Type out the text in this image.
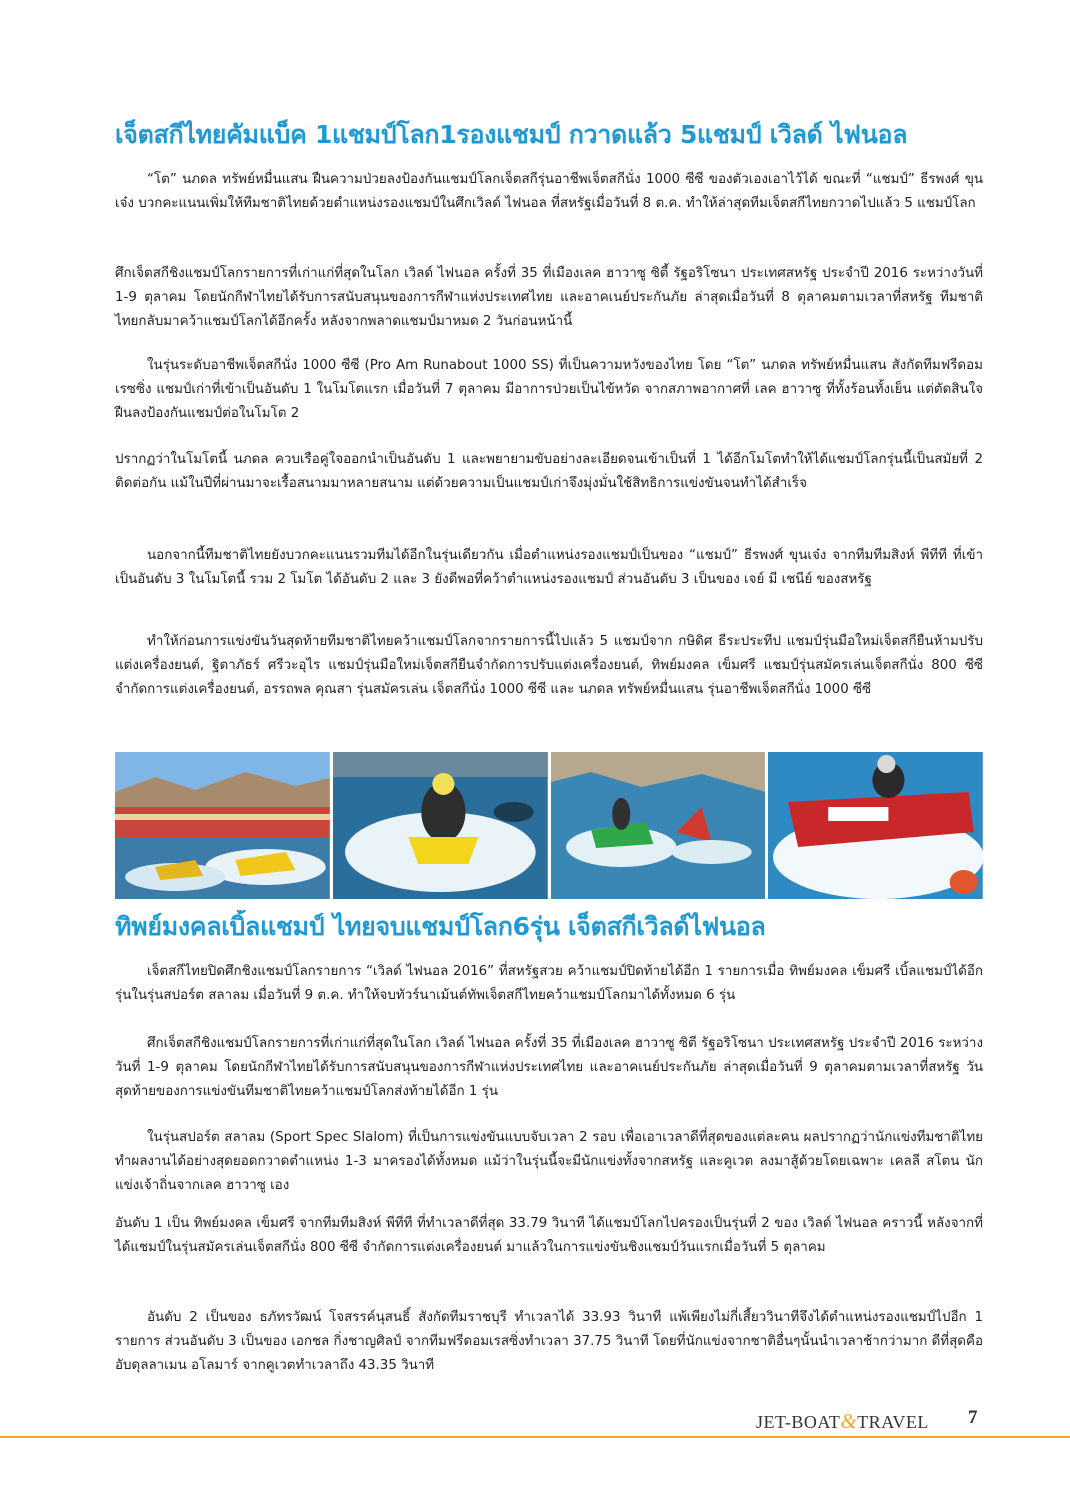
เจ็ตสกีไทยคัมแบ็ค 1แชมป์โลก1รองแชมป์ กวาดแล้ว 5แชมป์ เวิลด์ ไฟนอล

“โต” นภดล ทรัพย์หมื่นแสน ฝืนความป่วยลงป้องกันแชมป์โลกเจ็ตสกีรุ่นอาชีพเจ็ตสกีนั่ง 1000 ซีซี ของตัวเองเอาไว้ได้ ขณะที่ “แชมป์” ธีรพงศ์ ขุนเจ๋ง บวกคะแนนเพิ่มให้ทีมชาติไทยด้วยตำแหน่งรองแชมป์ในศึกเวิลด์ ไฟนอล ที่สหรัฐเมื่อวันที่ 8 ต.ค. ทำให้ล่าสุดทีมเจ็ตสกีไทยกวาดไปแล้ว 5 แชมป์โลก

ศึกเจ็ตสกีชิงแชมป์โลกรายการที่เก่าแก่ที่สุดในโลก เวิลด์ ไฟนอล ครั้งที่ 35 ที่เมืองเลค ฮาวาซู ซิตี้ รัฐอริโซนา ประเทศสหรัฐ ประจำปี 2016 ระหว่างวันที่ 1-9 ตุลาคม โดยนักกีฬาไทยได้รับการสนับสนุนของการกีฬาแห่งประเทศไทย และอาคเนย์ประกันภัย ล่าสุดเมื่อวันที่ 8 ตุลาคมตามเวลาที่สหรัฐ ทีมชาติไทยกลับมาคว้าแชมป์โลกได้อีกครั้ง หลังจากพลาดแชมป์มาหมด 2 วันก่อนหน้านี้

ในรุ่นระดับอาชีพเจ็ตสกีนั่ง 1000 ซีซี (Pro Am Runabout 1000 SS) ที่เป็นความหวังของไทย โดย “โต” นภดล ทรัพย์หมื่นแสน สังกัดทีมฟรีดอม เรซซิ่ง แชมป์เก่าที่เข้าเป็นอันดับ 1 ในโมโตแรก เมื่อวันที่ 7 ตุลาคม มีอาการป่วยเป็นไข้หวัด จากสภาพอากาศที่ เลค ฮาวาซู ที่ทั้งร้อนทั้งเย็น แต่ตัดสินใจฝืนลงป้องกันแชมป์ต่อในโมโต 2

ปรากฏว่าในโมโตนี้ นภดล ควบเรือคู่ใจออกนำเป็นอันดับ 1 และพยายามขับอย่างละเอียดจนเข้าเป็นที่ 1 ได้อีกโมโตทำให้ได้แชมป์โลกรุ่นนี้เป็นสมัยที่ 2 ติดต่อกัน แม้ในปีที่ผ่านมาจะเรื้อสนามมาหลายสนาม แต่ด้วยความเป็นแชมป์เก่าจึงมุ่งมั่นใช้สิทธิการแข่งขันจนทำได้สำเร็จ

นอกจากนี้ทีมชาติไทยยังบวกคะแนนรวมทีมได้อีกในรุ่นเดียวกัน เมื่อตำแหน่งรองแชมป์เป็นของ “แชมป์” ธีรพงศ์ ขุนเจ๋ง จากทีมทีมสิงห์ พีทีที ที่เข้าเป็นอันดับ 3 ในโมโตนี้ รวม 2 โมโต ได้อันดับ 2 และ 3 ยังดีพอที่คว้าตำแหน่งรองแชมป์ ส่วนอันดับ 3 เป็นของ เจย์ มี เชนีย์ ของสหรัฐ

ทำให้ก่อนการแข่งขันวันสุดท้ายทีมชาติไทยคว้าแชมป์โลกจากรายการนี้ไปแล้ว 5 แชมป์จาก กษิดิศ ธีระประทีป แชมป์รุ่นมือใหม่เจ็ตสกียืนห้ามปรับแต่งเครื่องยนต์, ฐิตาภัธร์ ศรีวะอุไร แชมป์รุ่นมือใหม่เจ็ตสกียืนจำกัดการปรับแต่งเครื่องยนต์, ทิพย์มงคล เข็มศรี แชมป์รุ่นสมัครเล่นเจ็ตสกีนั่ง 800 ซีซี จำกัดการแต่งเครื่องยนต์, อรรถพล คุณสา รุ่นสมัครเล่น เจ็ตสกีนั่ง 1000 ซีซี และ นภดล ทรัพย์หมื่นแสน รุ่นอาชีพเจ็ตสกีนั่ง 1000 ซีซี

ทิพย์มงคลเบิ้ลแชมป์ ไทยจบแชมป์โลก6รุ่น เจ็ตสกีเวิลด์ไฟนอล

เจ็ตสกีไทยปิดศึกชิงแชมป์โลกรายการ “เวิลด์ ไฟนอล 2016” ที่สหรัฐสวย คว้าแชมป์ปิดท้ายได้อีก 1 รายการเมื่อ ทิพย์มงคล เข็มศรี เบิ้ลแชมป์ได้อีกรุ่นในรุ่นสปอร์ต สลาลม เมื่อวันที่ 9 ต.ค. ทำให้จบทัวร์นาเม้นต์ทัพเจ็ตสกีไทยคว้าแชมป์โลกมาได้ทั้งหมด 6 รุ่น

ศึกเจ็ตสกีชิงแชมป์โลกรายการที่เก่าแก่ที่สุดในโลก เวิลด์ ไฟนอล ครั้งที่ 35 ที่เมืองเลค ฮาวาซู ซิตี รัฐอริโซนา ประเทศสหรัฐ ประจำปี 2016 ระหว่างวันที่ 1-9 ตุลาคม โดยนักกีฬาไทยได้รับการสนับสนุนของการกีฬาแห่งประเทศไทย และอาคเนย์ประกันภัย ล่าสุดเมื่อวันที่ 9 ตุลาคมตามเวลาที่สหรัฐ วันสุดท้ายของการแข่งขันทีมชาติไทยคว้าแชมป์โลกส่งท้ายได้อีก 1 รุ่น

ในรุ่นสปอร์ต สลาลม (Sport Spec Slalom) ที่เป็นการแข่งขันแบบจับเวลา 2 รอบ เพื่อเอาเวลาดีที่สุดของแต่ละคน ผลปรากฏว่านักแข่งทีมชาติไทยทำผลงานได้อย่างสุดยอดกวาดตำแหน่ง 1-3 มาครองได้ทั้งหมด แม้ว่าในรุ่นนี้จะมีนักแข่งทั้งจากสหรัฐ และคูเวต ลงมาสู้ด้วยโดยเฉพาะ เคลลี สโตน นักแข่งเจ้าถิ่นจากเลค ฮาวาซู เอง

อันดับ 1 เป็น ทิพย์มงคล เข็มศรี จากทีมทีมสิงห์ พีทีที ที่ทำเวลาดีที่สุด 33.79 วินาที ได้แชมป์โลกไปครองเป็นรุ่นที่ 2 ของ เวิลด์ ไฟนอล คราวนี้ หลังจากที่ได้แชมป์ในรุ่นสมัครเล่นเจ็ตสกีนั่ง 800 ซีซี จำกัดการแต่งเครื่องยนต์ มาแล้วในการแข่งขันชิงแชมป์วันแรกเมื่อวันที่ 5 ตุลาคม

อันดับ 2 เป็นของ ธภัทรวัฒน์ โจสรรค์นุสนธิ์ สังกัดทีมราชบุรี ทำเวลาได้ 33.93 วินาที แพ้เพียงไม่กี่เสี้ยววินาทีจึงได้ตำแหน่งรองแชมป์ไปอีก 1 รายการ ส่วนอันดับ 3 เป็นของ เอกชล กิ่งชาญศิลป์ จากทีมฟรีดอมเรสซิ่งทำเวลา 37.75 วินาที โดยที่นักแข่งจากชาติอื่นๆนั้นนำเวลาช้ากว่ามาก ดีที่สุดคือ อับดุลลาเมน อโลมาร์ จากคูเวตทำเวลาถึง 43.35 วินาที

JET-BOAT&TRAVEL 7
